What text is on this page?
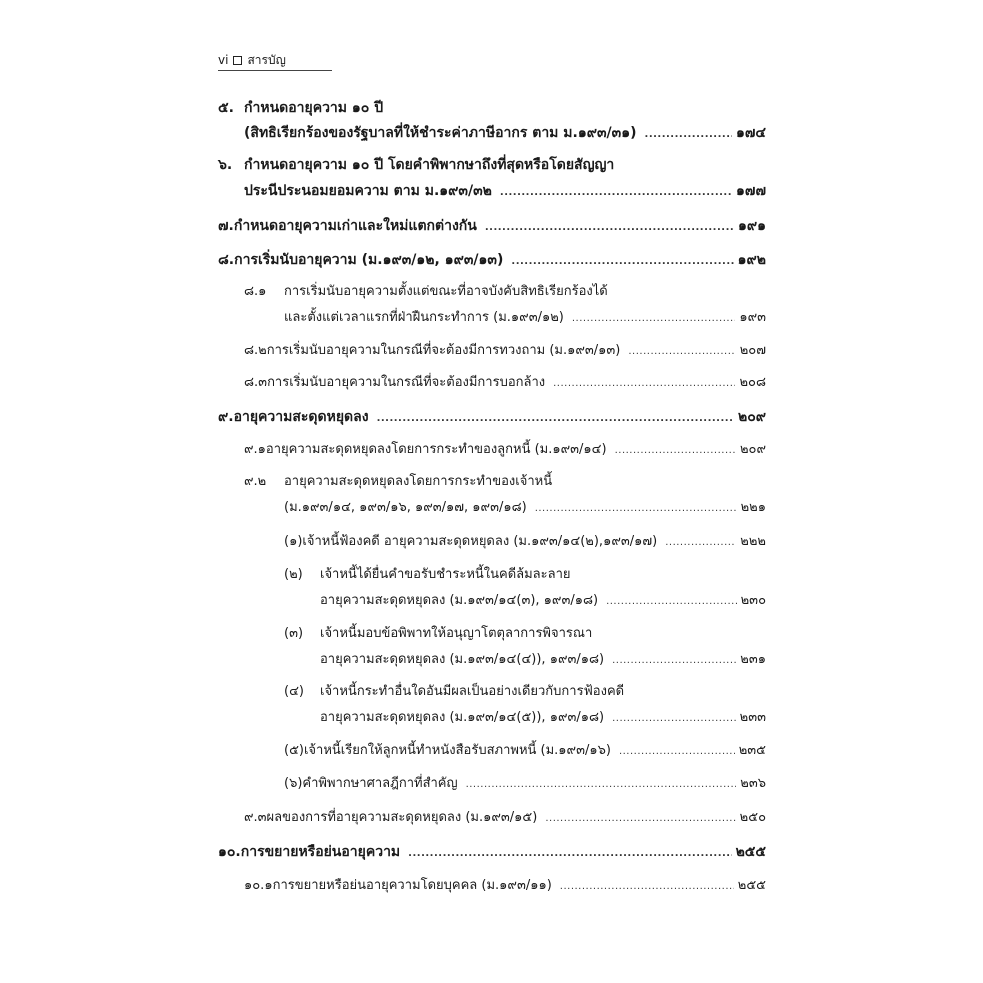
vi สารบัญ
๕. กำหนดอายุความ ๑๐ ปี
(สิทธิเรียกร้องของรัฐบาลที่ให้ชำระค่าภาษีอากร ตาม ม.๑๙๓/๓๑) .....	๑๗๔
๖. กำหนดอายุความ ๑๐ ปี โดยคำพิพากษาถึงที่สุดหรือโดยสัญญา
ประนีประนอมยอมความ ตาม ม.๑๙๓/๓๒ .....	๑๗๗
๗. กำหนดอายุความเก่าและใหม่แตกต่างกัน .....	๑๙๑
๘. การเริ่มนับอายุความ (ม.๑๙๓/๑๒, ๑๙๓/๑๓) .....	๑๙๒
๘.๑ การเริ่มนับอายุความตั้งแต่ขณะที่อาจบังคับสิทธิเรียกร้องได้
และตั้งแต่เวลาแรกที่ฝ่าฝืนกระทำการ (ม.๑๙๓/๑๒) .....	๑๙๓
๘.๒ การเริ่มนับอายุความในกรณีที่จะต้องมีการทวงถาม (ม.๑๙๓/๑๓) .....	๒๐๗
๘.๓ การเริ่มนับอายุความในกรณีที่จะต้องมีการบอกล้าง .....	๒๐๘
๙. อายุความสะดุดหยุดลง .....	๒๐๙
๙.๑ อายุความสะดุดหยุดลงโดยการกระทำของลูกหนี้ (ม.๑๙๓/๑๔) .....	๒๐๙
๙.๒ อายุความสะดุดหยุดลงโดยการกระทำของเจ้าหนี้
(ม.๑๙๓/๑๔, ๑๙๓/๑๖, ๑๙๓/๑๗, ๑๙๓/๑๘) .....	๒๒๑
(๑) เจ้าหนี้ฟ้องคดี อายุความสะดุดหยุดลง (ม.๑๙๓/๑๔(๒),๑๙๓/๑๗) .....	๒๒๒
(๒) เจ้าหนี้ได้ยื่นคำขอรับชำระหนี้ในคดีล้มละลาย
อายุความสะดุดหยุดลง (ม.๑๙๓/๑๔(๓), ๑๙๓/๑๘) .....	๒๓๐
(๓) เจ้าหนี้มอบข้อพิพาทให้อนุญาโตตุลาการพิจารณา
อายุความสะดุดหยุดลง (ม.๑๙๓/๑๔(๔)), ๑๙๓/๑๘) .....	๒๓๑
(๔) เจ้าหนี้กระทำอื่นใดอันมีผลเป็นอย่างเดียวกับการฟ้องคดี
อายุความสะดุดหยุดลง (ม.๑๙๓/๑๔(๕)), ๑๙๓/๑๘) .....	๒๓๓
(๕) เจ้าหนี้เรียกให้ลูกหนี้ทำหนังสือรับสภาพหนี้ (ม.๑๙๓/๑๖) .....	๒๓๕
(๖) คำพิพากษาศาลฎีกาที่สำคัญ .....	๒๓๖
๙.๓ ผลของการที่อายุความสะดุดหยุดลง (ม.๑๙๓/๑๕) .....	๒๕๐
๑๐. การขยายหรือย่นอายุความ .....	๒๕๕
๑๐.๑ การขยายหรือย่นอายุความโดยบุคคล (ม.๑๙๓/๑๑) .....	๒๕๕
